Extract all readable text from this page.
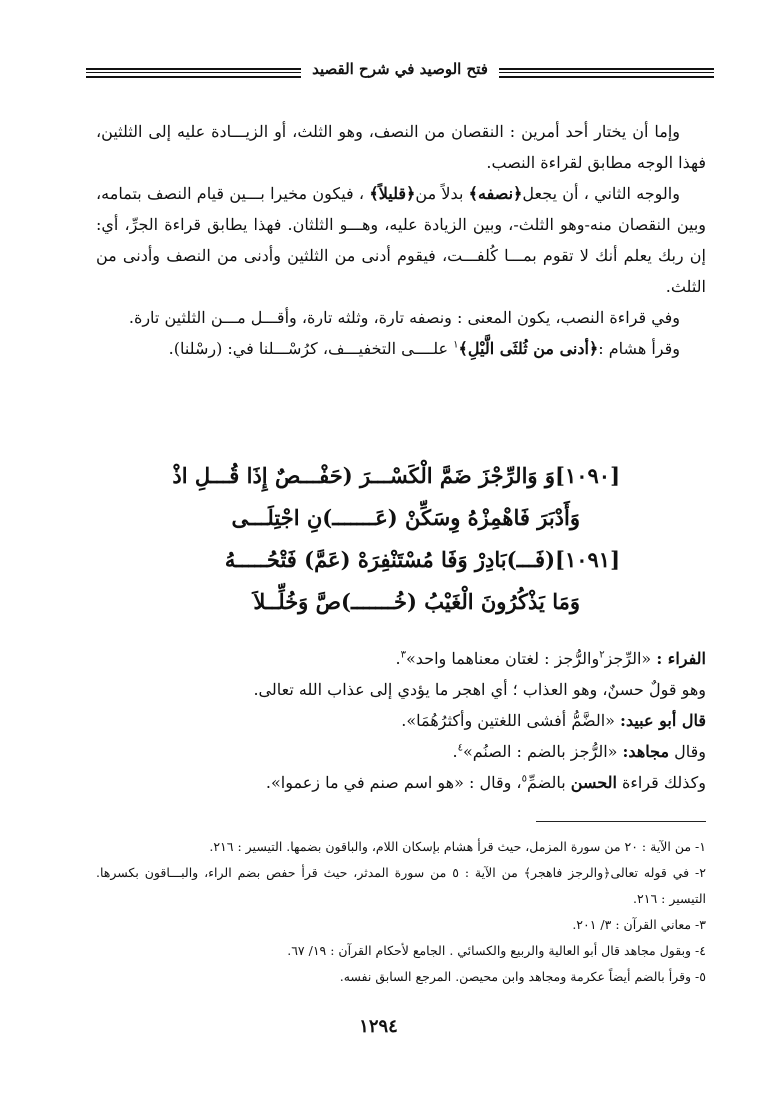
فتح الوصيد في شرح القصيد

وإما أن يختار أحد أمرين : النقصان من النصف، وهو الثلث، أو الزيـــادة عليه إلى الثلثين، فهذا الوجه مطابق لقراءة النصب.

والوجه الثاني ، أن يجعل﴿نصفه﴾ بدلاً من﴿قليلاً﴾ ، فيكون مخيرا بـــين قيام النصف بتمامه، وبين النقصان منه-وهو الثلث-، وبين الزيادة عليه، وهـــو الثلثان. فهذا يطابق قراءة الجرِّ، أي: إن ربك يعلم أنك لا تقوم بمـــا كُلفـــت، فيقوم أدنى من الثلثين وأدنى من النصف وأدنى من الثلث.

وفي قراءة النصب، يكون المعنى : ونصفه تارة، وثلثه تارة، وأقـــل مـــن الثلثين تارة.

وقرأ هشام :﴿أدنى من ثُلثَى الَّيْلِ﴾$^١$ علــــى التخفيـــف، كرُسْـــلنا في: (رسْلنا).

[١٠٩٠]وَ وَالرِّجْزَ ضَمَّ الْكَسْـــرَ (حَفْـــصٌ إِذَا قُـــلِ اذْ
وَأَدْبَرَ فَاهْمِزْهُ وِسَكِّنْ (عَـــــــ)نِ اجْتِلَـــى
[١٠٩١](فَـــ)بَادِرْ وَفَا مُسْتَنْفِرَهْ (عَمَّ) فَتْحُـــــهُ
وَمَا يَذْكُرُونَ الْغَيْبُ (خُـــــــ)صَّ وَخُلِّــلاَ

الفراء : «الرِّجز$^٢$والرُّجز : لغتان معناهما واحد»$^٣$.

وهو قولٌ حسنٌ، وهو العذاب ؛ أي اهجر ما يؤدي إلى عذاب الله تعالى.

قال أبو عبيد: «الضَّمُّ أفشى اللغتين وأكثرُهُمَا».

وقال مجاهد: «الرُّجز بالضم : الصنُم»$^٤$.

وكذلك قراءة الحسن بالضمِّ$^٥$، وقال : «هو اسم صنم في ما زعموا».

١- من الآية : ٢٠ من سورة المزمل، حيث قرأ هشام بإسكان اللام، والباقون بضمها. التيسير : ٢١٦.

٢- في قوله تعالى﴿والرجز فاهجر﴾ من الآية : ٥ من سورة المدثر، حيث قرأ حفص بضم الراء، والبـــاقون بكسرها. التيسير : ٢١٦.

٣- معاني القرآن : ٣/ ٢٠١.

٤- وبقول مجاهد قال أبو العالية والربيع والكسائي . الجامع لأحكام القرآن : ١٩/ ٦٧.

٥- وقرأ بالضم أيضاً عكرمة ومجاهد وابن محيصن. المرجع السابق نفسه.

١٢٩٤
